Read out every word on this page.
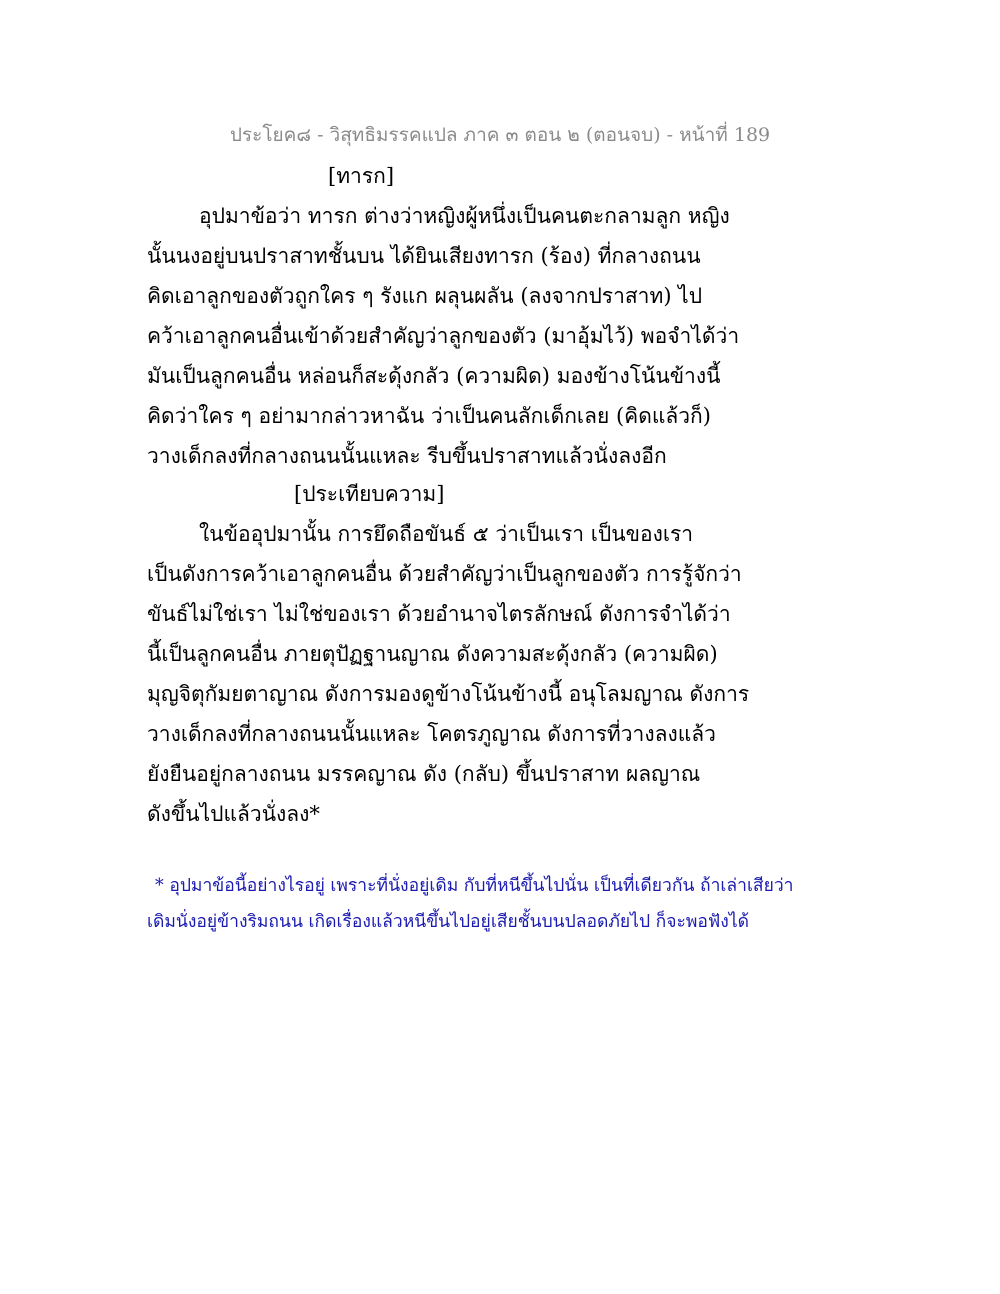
ประโยค๘ - วิสุทธิมรรคแปล ภาค ๓ ตอน ๒ (ตอนจบ) - หน้าที่ 189
[ทารก]
อุปมาข้อว่า ทารก ต่างว่าหญิงผู้หนึ่งเป็นคนตะกลามลูก หญิง
นั้นนงอยู่บนปราสาทชั้นบน ได้ยินเสียงทารก (ร้อง) ที่กลางถนน
คิดเอาลูกของตัวถูกใคร ๆ รังแก ผลุนผลัน (ลงจากปราสาท) ไป
คว้าเอาลูกคนอื่นเข้าด้วยสำคัญว่าลูกของตัว (มาอุ้มไว้) พอจำได้ว่า
มันเป็นลูกคนอื่น หล่อนก็สะดุ้งกลัว (ความผิด) มองข้างโน้นข้างนี้
คิดว่าใคร ๆ อย่ามากล่าวหาฉัน ว่าเป็นคนลักเด็กเลย (คิดแล้วก็)
วางเด็กลงที่กลางถนนนั้นแหละ รีบขึ้นปราสาทแล้วนั่งลงอีก
[ประเทียบความ]
ในข้ออุปมานั้น การยึดถือขันธ์ ๕ ว่าเป็นเรา เป็นของเรา
เป็นดังการคว้าเอาลูกคนอื่น ด้วยสำคัญว่าเป็นลูกของตัว การรู้จักว่า
ขันธ์ไม่ใช่เรา ไม่ใช่ของเรา ด้วยอำนาจไตรลักษณ์ ดังการจำได้ว่า
นี้เป็นลูกคนอื่น ภายตุปัฏฐานญาณ ดังความสะดุ้งกลัว (ความผิด)
มุญจิตุกัมยตาญาณ ดังการมองดูข้างโน้นข้างนี้ อนุโลมญาณ ดังการ
วางเด็กลงที่กลางถนนนั้นแหละ โคตรภูญาณ ดังการที่วางลงแล้ว
ยังยืนอยู่กลางถนน มรรคญาณ ดัง (กลับ) ขึ้นปราสาท ผลญาณ
ดังขึ้นไปแล้วนั่งลง*
* อุปมาข้อนี้อย่างไรอยู่ เพราะที่นั่งอยู่เดิม กับที่หนีขึ้นไปนั่น เป็นที่เดียวกัน ถ้าเล่าเสียว่า
เดิมนั่งอยู่ข้างริมถนน เกิดเรื่องแล้วหนีขึ้นไปอยู่เสียชั้นบนปลอดภัยไป ก็จะพอฟังได้
